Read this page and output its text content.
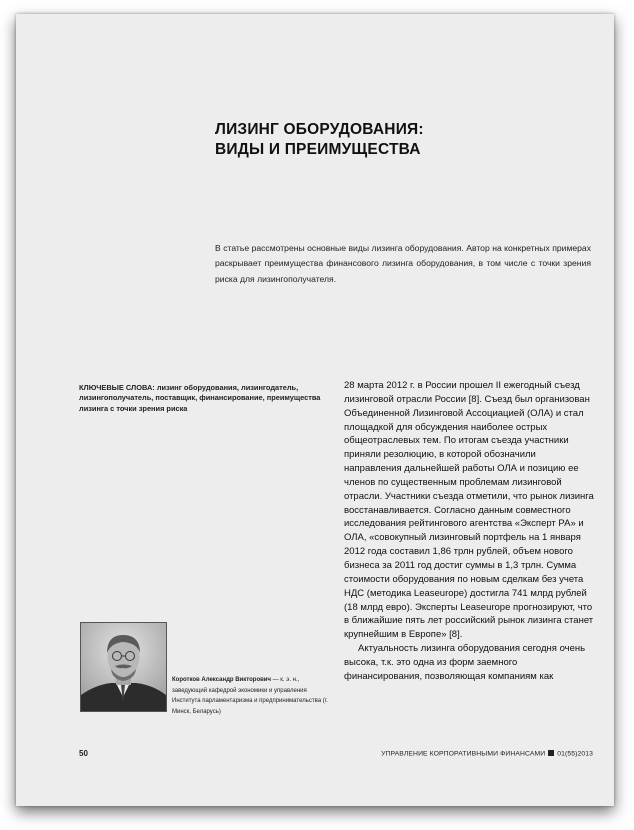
ЛИЗИНГ ОБОРУДОВАНИЯ:
ВИДЫ И ПРЕИМУЩЕСТВА

В статье рассмотрены основные виды лизинга оборудования. Автор на конкретных примерах раскрывает преимущества финансового лизинга оборудования, в том числе с точки зрения риска для лизингополучателя.

КЛЮЧЕВЫЕ СЛОВА: лизинг оборудования, лизингодатель, лизингополучатель, поставщик, финансирование, преимущества лизинга с точки зрения риска

Коротков Александр Викторович — к. э. н., заведующий кафедрой экономики и управления Института парламентаризма и предпринимательства (г. Минск, Беларусь)

28 марта 2012 г. в России прошел II ежегодный съезд лизинговой отрасли России [8]. Съезд был организован Объединенной Лизинговой Ассоциацией (ОЛА) и стал площадкой для обсуждения наиболее острых общеотраслевых тем. По итогам съезда участники приняли резолюцию, в которой обозначили направления дальнейшей работы ОЛА и позицию ее членов по существенным проблемам лизинговой отрасли. Участники съезда отметили, что рынок лизинга восстанавливается. Согласно данным совместного исследования рейтингового агентства «Эксперт РА» и ОЛА, «совокупный лизинговый портфель на 1 января 2012 года составил 1,86 трлн рублей, объем нового бизнеса за 2011 год достиг суммы в 1,3 трлн. Сумма стоимости оборудования по новым сделкам без учета НДС (методика Leaseurope) достигла 741 млрд рублей (18 млрд евро). Эксперты Leaseurope прогнозируют, что в ближайшие пять лет российский рынок лизинга станет крупнейшим в Европе» [8].

Актуальность лизинга оборудования сегодня очень высока, т.к. это одна из форм заемного финансирования, позволяющая компаниям как

50	УПРАВЛЕНИЕ КОРПОРАТИВНЫМИ ФИНАНСАМИ 01(55)2013
